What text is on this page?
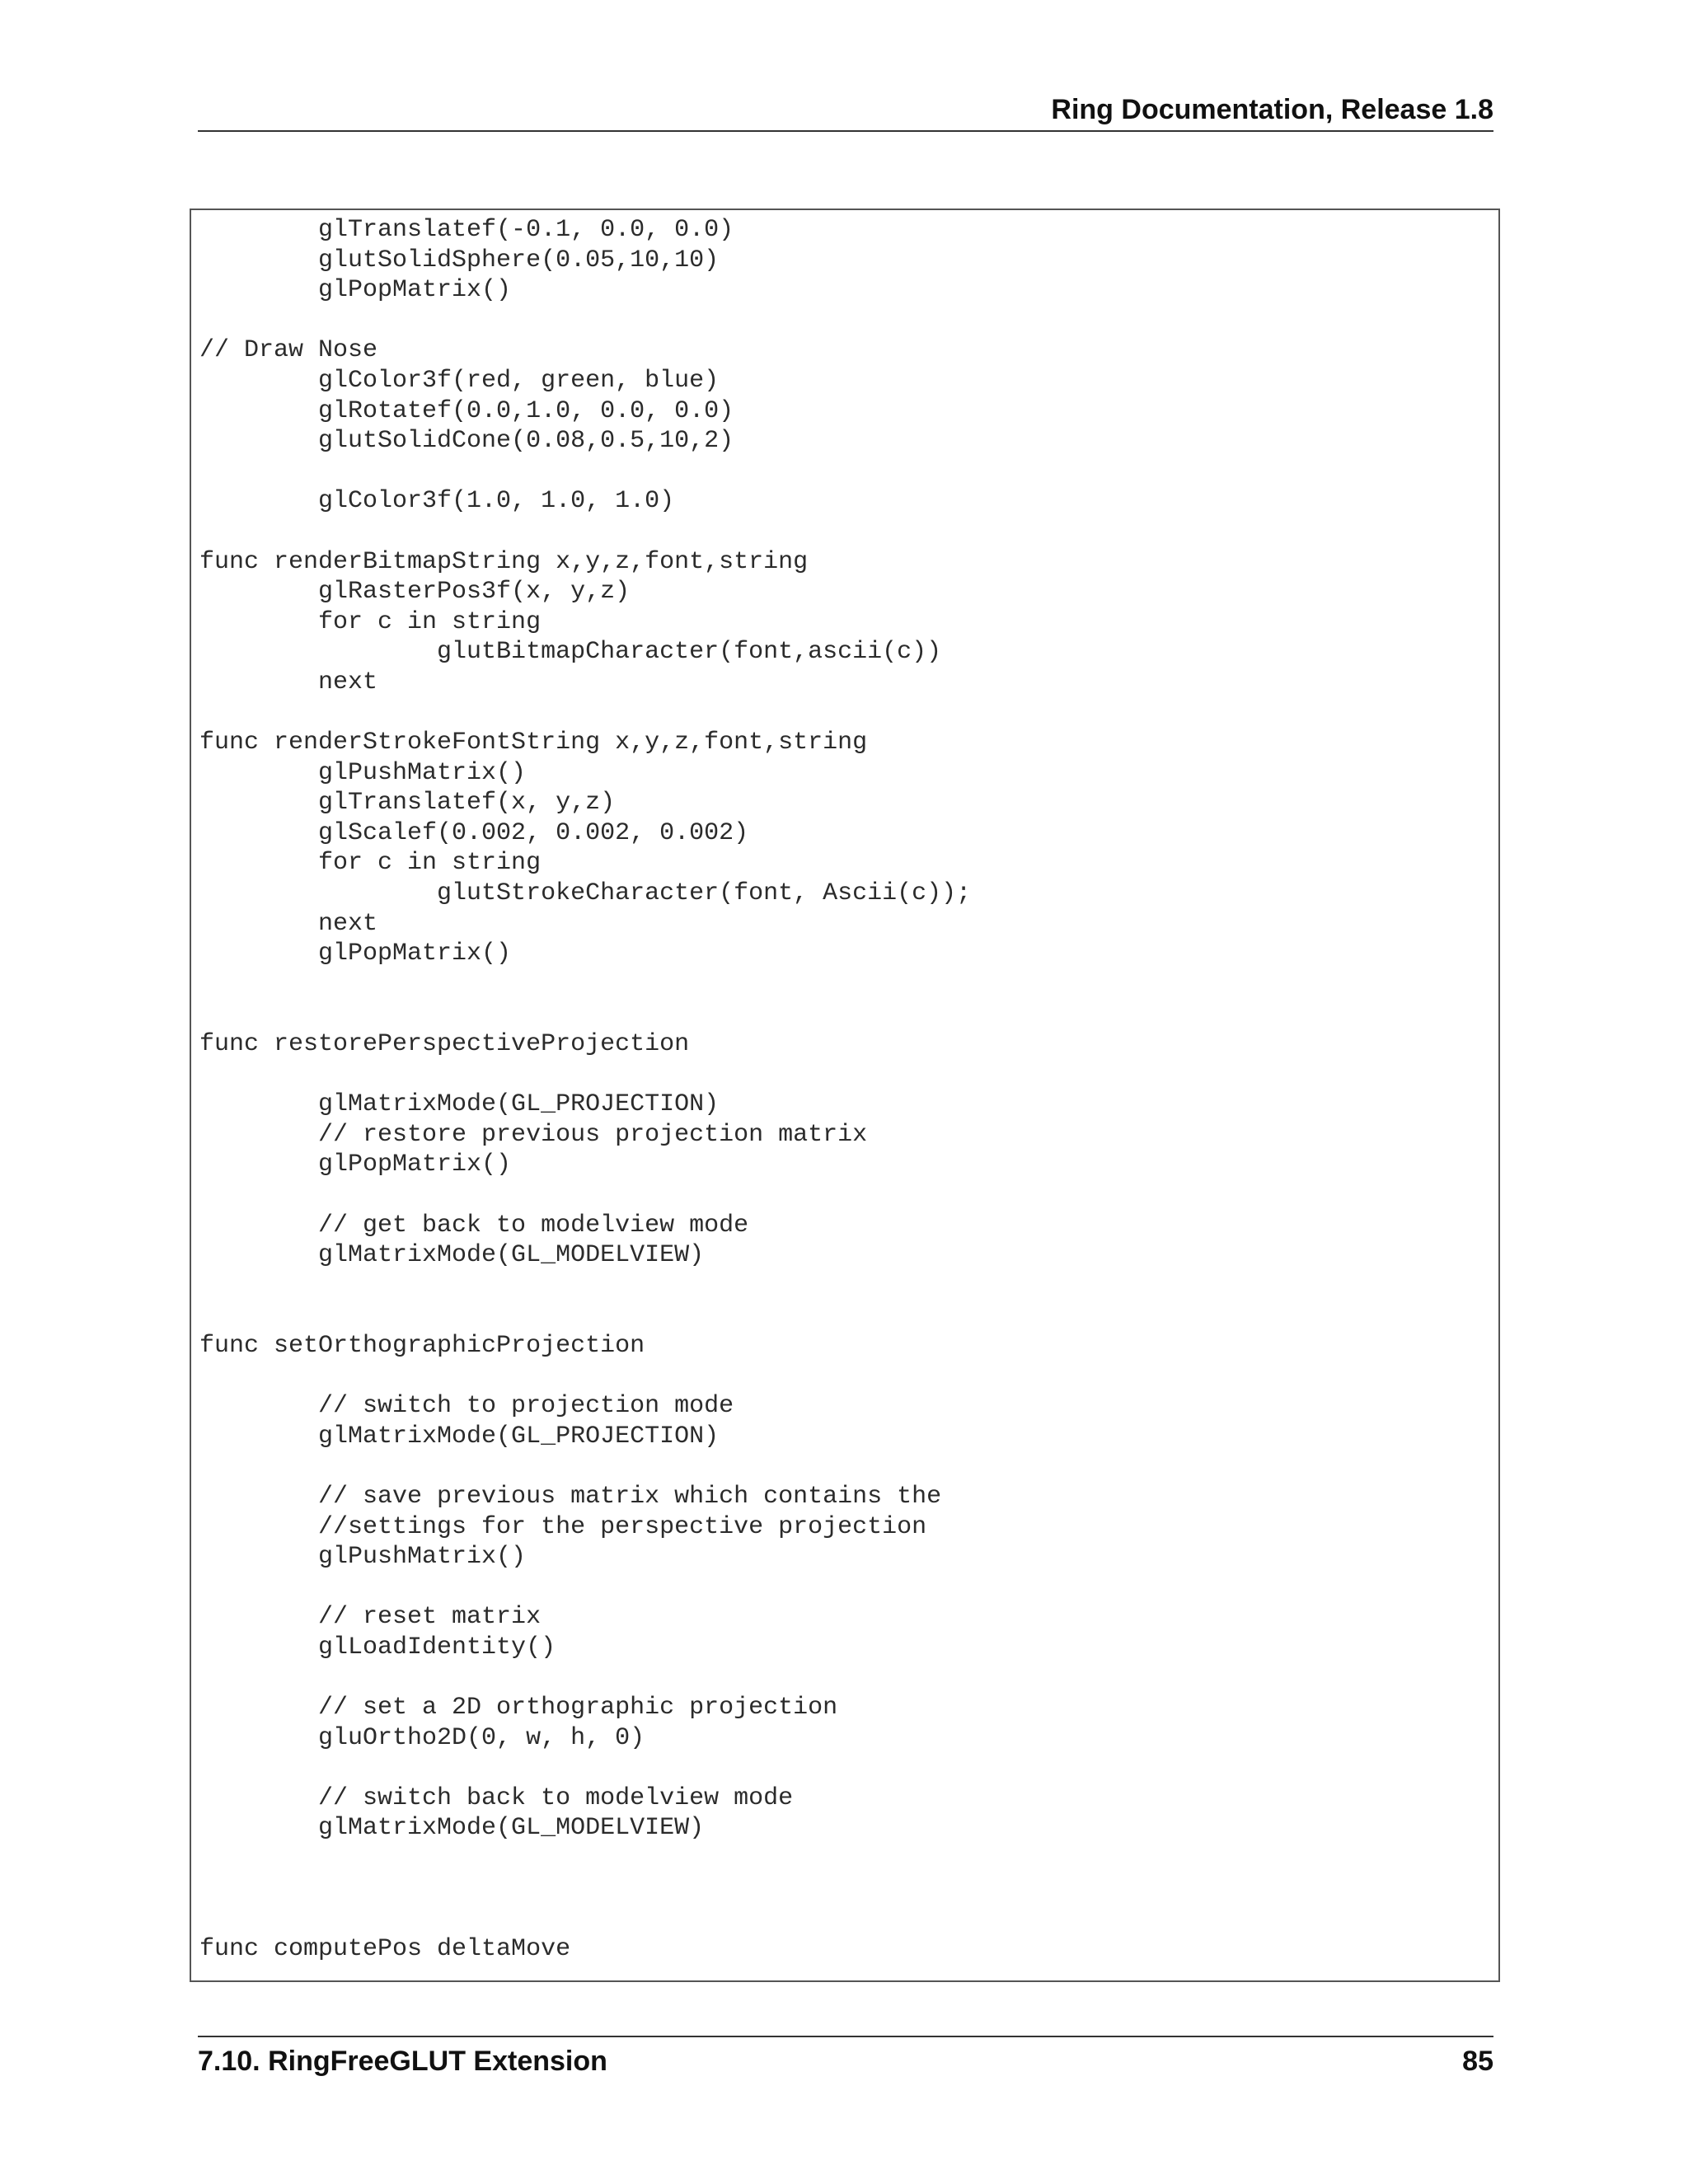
Ring Documentation, Release 1.8
glTranslatef(-0.1, 0.0, 0.0)
glutSolidSphere(0.05,10,10)
glPopMatrix()

// Draw Nose
glColor3f(red, green, blue)
glRotatef(0.0,1.0, 0.0, 0.0)
glutSolidCone(0.08,0.5,10,2)

glColor3f(1.0, 1.0, 1.0)

func renderBitmapString x,y,z,font,string
glRasterPos3f(x, y,z)
for c in string
glutBitmapCharacter(font,ascii(c))
next

func renderStrokeFontString x,y,z,font,string
glPushMatrix()
glTranslatef(x, y,z)
glScalef(0.002, 0.002, 0.002)
for c in string
glutStrokeCharacter(font, Ascii(c));
next
glPopMatrix()

func restorePerspectiveProjection

glMatrixMode(GL_PROJECTION)
// restore previous projection matrix
glPopMatrix()

// get back to modelview mode
glMatrixMode(GL_MODELVIEW)

func setOrthographicProjection

// switch to projection mode
glMatrixMode(GL_PROJECTION)

// save previous matrix which contains the
//settings for the perspective projection
glPushMatrix()

// reset matrix
glLoadIdentity()

// set a 2D orthographic projection
gluOrtho2D(0, w, h, 0)

// switch back to modelview mode
glMatrixMode(GL_MODELVIEW)

func computePos deltaMove
7.10. RingFreeGLUT Extension	85
